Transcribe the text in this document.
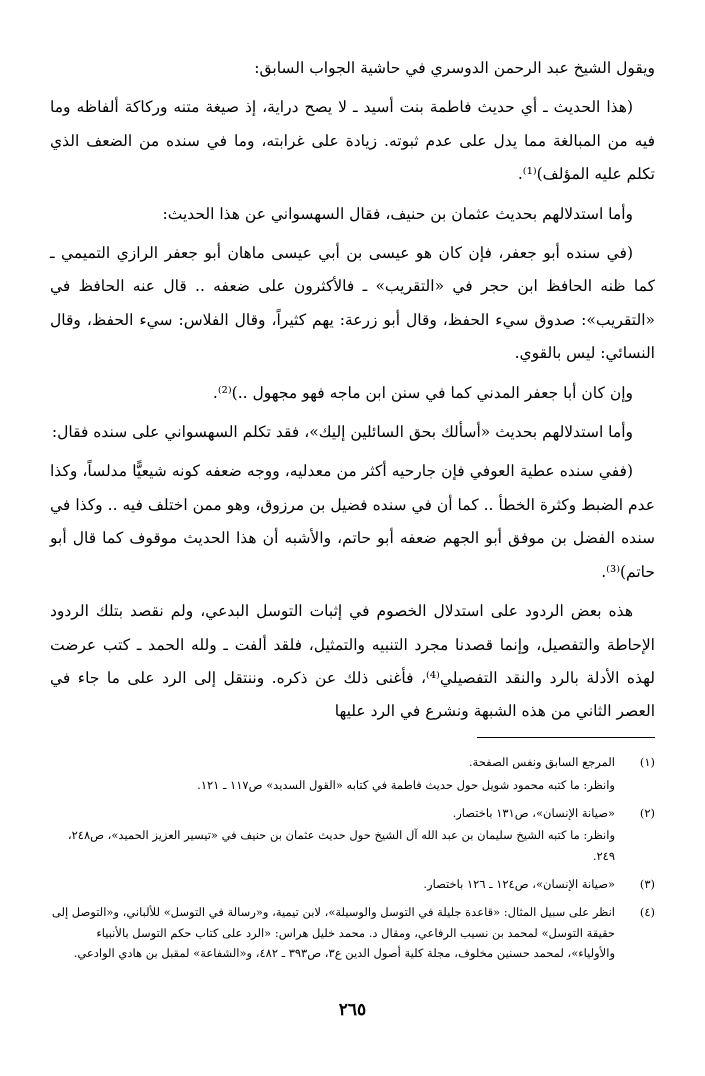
ويقول الشيخ عبد الرحمن الدوسري في حاشية الجواب السابق:

(هذا الحديث ـ أي حديث فاطمة بنت أسيد ـ لا يصح دراية، إذ صيغة متنه وركاكة ألفاظه وما فيه من المبالغة مما يدل على عدم ثبوته. زيادة على غرابته، وما في سنده من الضعف الذي تكلم عليه المؤلف)⁽¹⁾.

وأما استدلالهم بحديث عثمان بن حنيف، فقال السهسواني عن هذا الحديث:

(في سنده أبو جعفر، فإن كان هو عيسى بن أبي عيسى ماهان أبو جعفر الرازي التميمي ـ كما ظنه الحافظ ابن حجر في «التقريب» ـ فالأكثرون على ضعفه .. قال عنه الحافظ في «التقريب»: صدوق سيء الحفظ، وقال أبو زرعة: يهم كثيراً، وقال الفلاس: سيء الحفظ، وقال النسائي: ليس بالقوي.

وإن كان أبا جعفر المدني كما في سنن ابن ماجه فهو مجهول ..)⁽²⁾.

وأما استدلالهم بحديث «أسألك بحق السائلين إليك»، فقد تكلم السهسواني على سنده فقال:

(ففي سنده عطية العوفي فإن جارحيه أكثر من معدليه، ووجه ضعفه كونه شيعيًّا مدلساً، وكذا عدم الضبط وكثرة الخطأ .. كما أن في سنده فضيل بن مرزوق، وهو ممن اختلف فيه .. وكذا في سنده الفضل بن موفق أبو الجهم ضعفه أبو حاتم، والأشبه أن هذا الحديث موقوف كما قال أبو حاتم)⁽³⁾.

هذه بعض الردود على استدلال الخصوم في إثبات التوسل البدعي، ولم نقصد بتلك الردود الإحاطة والتفصيل، وإنما قصدنا مجرد التنبيه والتمثيل، فلقد ألفت ـ ولله الحمد ـ كتب عرضت لهذه الأدلة بالرد والنقد التفصيلي⁽⁴⁾، فأغنى ذلك عن ذكره. وننتقل إلى الرد على ما جاء في العصر الثاني من هذه الشبهة ونشرع في الرد عليها

(١)
المرجع السابق ونفس الصفحة.
وانظر: ما كتبه محمود شويل حول حديث فاطمة في كتابه «القول السديد» ص١١٧ ـ ١٢١.
(٢)
«صيانة الإنسان»، ص١٣١ باختصار.
وانظر: ما كتبه الشيخ سليمان بن عبد الله آل الشيخ حول حديث عثمان بن حنيف في «تيسير العزيز الحميد»، ص٢٤٨، ٢٤٩.
(٣)
«صيانة الإنسان»، ص١٢٤ ـ ١٢٦ باختصار.
(٤)
انظر على سبيل المثال: «قاعدة جليلة في التوسل والوسيلة»، لابن تيمية، و«رسالة في التوسل» للألباني، و«التوصل إلى حقيقة التوسل» لمحمد بن نسيب الرفاعي، ومقال د. محمد خليل هراس: «الرد على كتاب حكم التوسل بالأنبياء والأولياء»، لمحمد حسنين مخلوف، مجلة كلية أصول الدين ع٣، ص٣٩٣ ـ ٤٨٢، و«الشفاعة» لمقبل بن هادي الوادعي.
٢٦٥
